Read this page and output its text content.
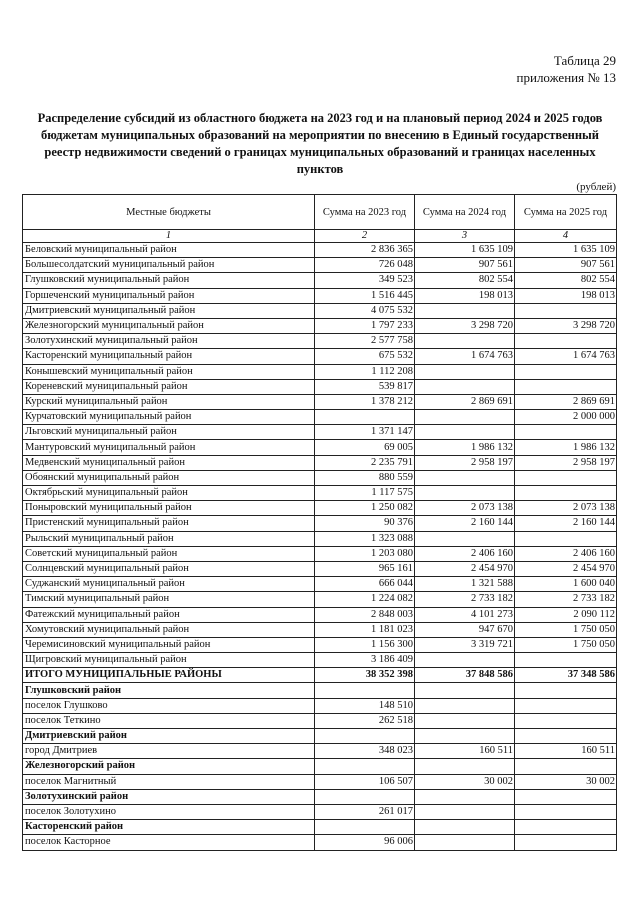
Таблица 29
приложения № 13
Распределение субсидий из областного бюджета на 2023 год и на плановый период 2024 и 2025 годов бюджетам муниципальных образований на мероприятии по внесению в Единый государственный реестр недвижимости сведений о границах муниципальных образований и границах населенных пунктов
(рублей)
Местные бюджеты	Сумма на 2023 год	Сумма на 2024 год	Сумма на 2025 год
1	2	3	4
Беловский муниципальный район	2 836 365	1 635 109	1 635 109
Большесолдатский муниципальный район	726 048	907 561	907 561
Глушковский муниципальный район	349 523	802 554	802 554
Горшеченский муниципальный район	1 516 445	198 013	198 013
Дмитриевский муниципальный район	4 075 532		
Железногорский муниципальный район	1 797 233	3 298 720	3 298 720
Золотухинский муниципальный район	2 577 758		
Касторенский муниципальный район	675 532	1 674 763	1 674 763
Конышевский муниципальный район	1 112 208		
Кореневский муниципальный район	539 817		
Курский муниципальный район	1 378 212	2 869 691	2 869 691
Курчатовский муниципальный район			2 000 000
Льговский муниципальный район	1 371 147		
Мантуровский муниципальный район	69 005	1 986 132	1 986 132
Медвенский муниципальный район	2 235 791	2 958 197	2 958 197
Обоянский муниципальный район	880 559		
Октябрьский муниципальный район	1 117 575		
Поныровский муниципальный район	1 250 082	2 073 138	2 073 138
Пристенский муниципальный район	90 376	2 160 144	2 160 144
Рыльский муниципальный район	1 323 088		
Советский муниципальный район	1 203 080	2 406 160	2 406 160
Солнцевский муниципальный район	965 161	2 454 970	2 454 970
Суджанский муниципальный район	666 044	1 321 588	1 600 040
Тимский муниципальный район	1 224 082	2 733 182	2 733 182
Фатежский муниципальный район	2 848 003	4 101 273	2 090 112
Хомутовский муниципальный район	1 181 023	947 670	1 750 050
Черемисиновский муниципальный район	1 156 300	3 319 721	1 750 050
Щигровский муниципальный район	3 186 409		
ИТОГО МУНИЦИПАЛЬНЫЕ РАЙОНЫ	38 352 398	37 848 586	37 348 586
Глушковский район			
поселок Глушково	148 510		
поселок Теткино	262 518		
Дмитриевский район			
город Дмитриев	348 023	160 511	160 511
Железногорский район			
поселок Магнитный	106 507	30 002	30 002
Золотухинский район			
поселок Золотухино	261 017		
Касторенский район			
поселок Касторное	96 006		
